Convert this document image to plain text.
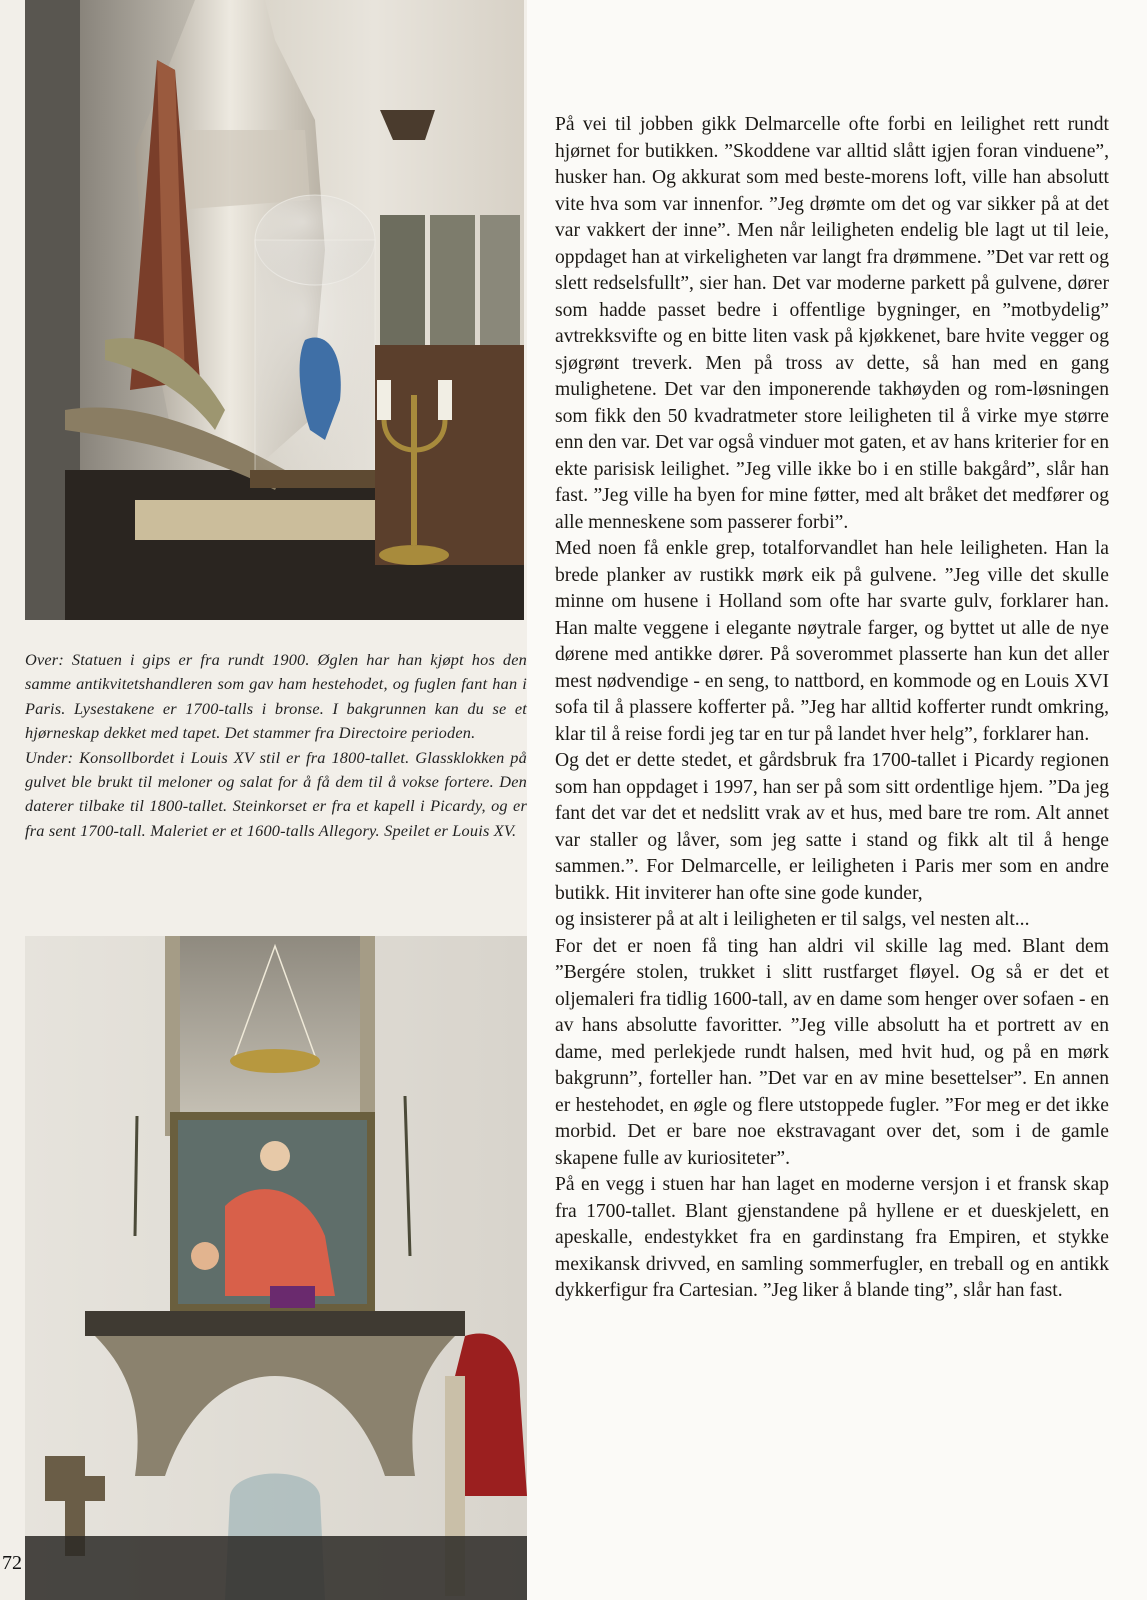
Over: Statuen i gips er fra rundt 1900. Øglen har han kjøpt hos den samme antikvitetshandleren som gav ham hestehodet, og fuglen fant han i Paris. Lysestakene er 1700-talls i bronse. I bakgrunnen kan du se et hjørneskap dekket med tapet. Det stammer fra Directoire perioden.

Under: Konsollbordet i Louis XV stil er fra 1800-tallet. Glassklokken på gulvet ble brukt til meloner og salat for å få dem til å vokse fortere. Den daterer tilbake til 1800-tallet. Steinkorset er fra et kapell i Picardy, og er fra sent 1700-tall. Maleriet er et 1600-talls Allegory. Speilet er Louis XV.

72

På vei til jobben gikk Delmarcelle ofte forbi en leilighet rett rundt hjørnet for butikken. ”Skoddene var alltid slått igjen foran vinduene”, husker han. Og akkurat som med beste-morens loft, ville han absolutt vite hva som var innenfor. ”Jeg drømte om det og var sikker på at det var vakkert der inne”. Men når leiligheten endelig ble lagt ut til leie, oppdaget han at virkeligheten var langt fra drømmene. ”Det var rett og slett redselsfullt”, sier han. Det var moderne parkett på gulvene, dører som hadde passet bedre i offentlige bygninger, en ”motbydelig” avtrekksvifte og en bitte liten vask på kjøkkenet, bare hvite vegger og sjøgrønt treverk. Men på tross av dette, så han med en gang mulighetene. Det var den imponerende takhøyden og rom-løsningen som fikk den 50 kvadratmeter store leiligheten til å virke mye større enn den var. Det var også vinduer mot gaten, et av hans kriterier for en ekte parisisk leilighet. ”Jeg ville ikke bo i en stille bakgård”, slår han fast. ”Jeg ville ha byen for mine føtter, med alt bråket det medfører og alle menneskene som passerer forbi”.

Med noen få enkle grep, totalforvandlet han hele leiligheten. Han la brede planker av rustikk mørk eik på gulvene. ”Jeg ville det skulle minne om husene i Holland som ofte har svarte gulv, forklarer han. Han malte veggene i elegante nøytrale farger, og byttet ut alle de nye dørene med antikke dører. På soverommet plasserte han kun det aller mest nødvendige - en seng, to nattbord, en kommode og en Louis XVI sofa til å plassere kofferter på. ”Jeg har alltid kofferter rundt omkring, klar til å reise fordi jeg tar en tur på landet hver helg”, forklarer han.

Og det er dette stedet, et gårdsbruk fra 1700-tallet i Picardy regionen som han oppdaget i 1997, han ser på som sitt ordentlige hjem. ”Da jeg fant det var det et nedslitt vrak av et hus, med bare tre rom. Alt annet var staller og låver, som jeg satte i stand og fikk alt til å henge sammen.”. For Delmarcelle, er leiligheten i Paris mer som en andre butikk. Hit inviterer han ofte sine gode kunder,

og insisterer på at alt i leiligheten er til salgs, vel nesten alt...

For det er noen få ting han aldri vil skille lag med. Blant dem ”Bergére stolen, trukket i slitt rustfarget fløyel. Og så er det et oljemaleri fra tidlig 1600-tall, av en dame som henger over sofaen - en av hans absolutte favoritter. ”Jeg ville absolutt ha et portrett av en dame, med perlekjede rundt halsen, med hvit hud, og på en mørk bakgrunn”, forteller han. ”Det var en av mine besettelser”. En annen er hestehodet, en øgle og flere utstoppede fugler. ”For meg er det ikke morbid. Det er bare noe ekstravagant over det, som i de gamle skapene fulle av kuriositeter”.

På en vegg i stuen har han laget en moderne versjon i et fransk skap fra 1700-tallet. Blant gjenstandene på hyllene er et dueskjelett, en apeskalle, endestykket fra en gardinstang fra Empiren, et stykke mexikansk drivved, en samling sommerfugler, en treball og en antikk dykkerfigur fra Cartesian. ”Jeg liker å blande ting”, slår han fast.
